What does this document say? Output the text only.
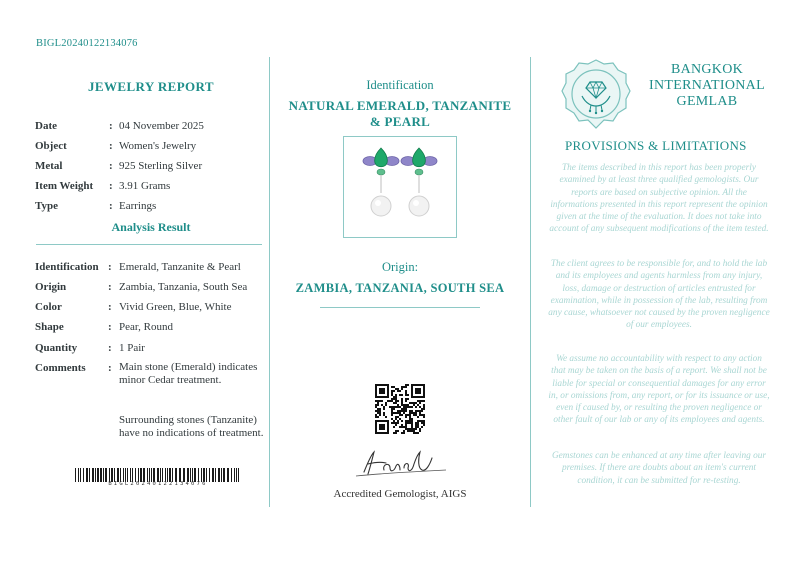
BIGL20240122134076
JEWELRY REPORT
Date	: 04 November 2025
Object	: Women's Jewelry
Metal	: 925 Sterling Silver
Item Weight : 3.91 Grams
Type	: Earrings
Analysis Result
Identification : Emerald, Tanzanite & Pearl
Origin	: Zambia, Tanzania, South Sea
Color	: Vivid Green, Blue, White
Shape	: Pear, Round
Quantity	: 1 Pair
Comments : Main stone (Emerald) indicates minor Cedar treatment.
Surrounding stones (Tanzanite) have no indications of treatment.
BIGL20240122134076
Identification
NATURAL EMERALD, TANZANITE & PEARL
Origin:
ZAMBIA, TANZANIA, SOUTH SEA
Accredited Gemologist, AIGS
BANGKOK
INTERNATIONAL
GEMLAB
PROVISIONS & LIMITATIONS
The items described in this report has been properly examined by at least three qualified gemologists. Our reports are based on subjective opinion. All the informations presented in this report represent the opinion given at the time of the evaluation. It does not take into account of any subsequent modifications of the item tested.
The client agrees to be responsible for, and to hold the lab and its employees and agents harmless from any injury, loss, damage or destruction of articles entrusted for examination, while in possession of the lab, resulting from any cause, whatsoever not caused by the proven negligence of our employees.
We assume no accountability with respect to any action that may be taken on the basis of a report. We shall not be liable for special or consequential damages for any error in, or omissions from, any report, or for its issuance or use, even if caused by, or resulting the proven negligence or other fault of our lab or any of its employees and agents.
Gemstones can be enhanced at any time after leaving our premises. If there are doubts about an item's current condition, it can be submitted for re-testing.
